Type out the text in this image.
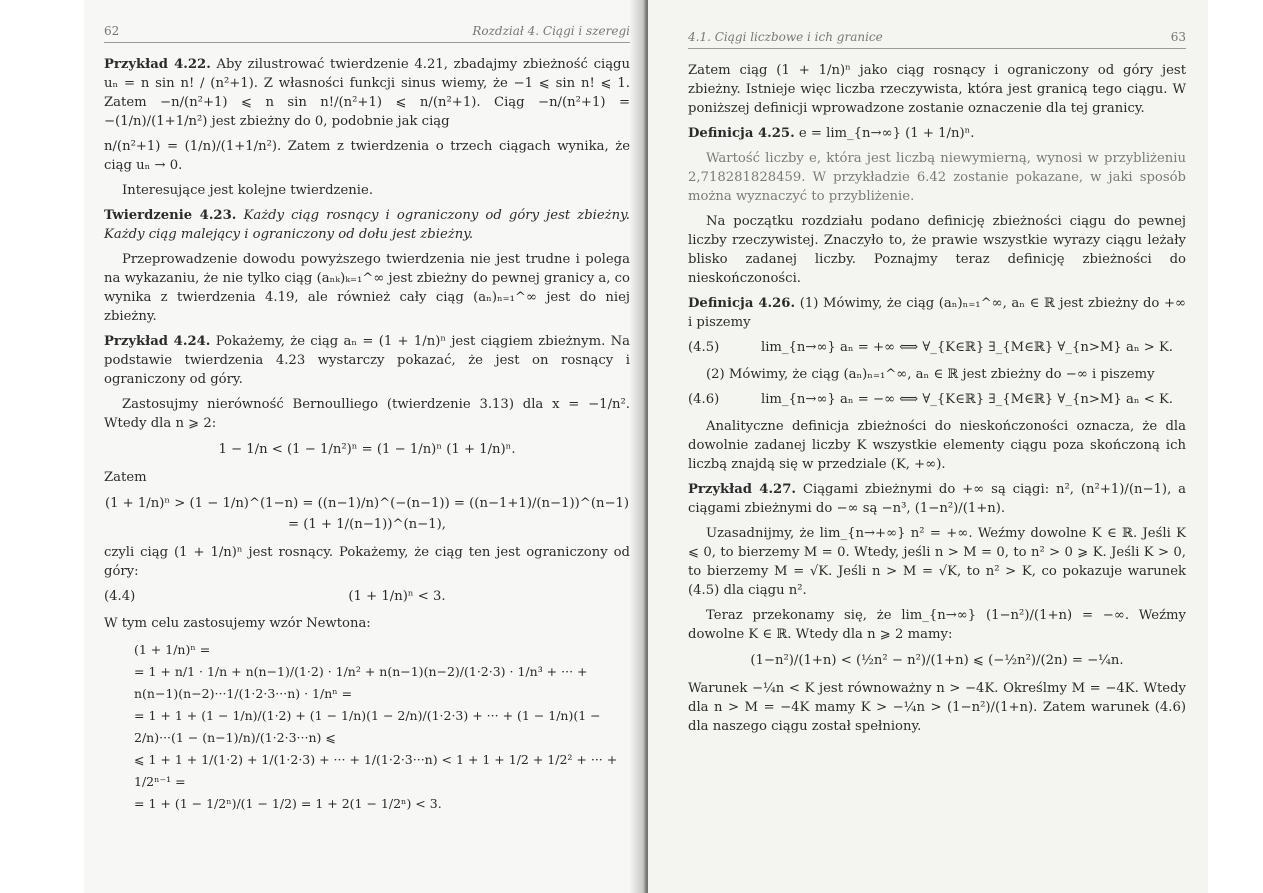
62	Rozdział 4. Ciągi i szeregi

Przykład 4.22. Aby zilustrować twierdzenie 4.21, zbadajmy zbieżność ciągu uₙ = n sin n! / (n²+1). Z własności funkcji sinus wiemy, że −1 ⩽ sin n! ⩽ 1. Zatem −n/(n²+1) ⩽ n sin n!/(n²+1) ⩽ n/(n²+1). Ciąg −n/(n²+1) = −(1/n)/(1+1/n²) jest zbieżny do 0, podobnie jak ciąg

n/(n²+1) = (1/n)/(1+1/n²). Zatem z twierdzenia o trzech ciągach wynika, że ciąg uₙ → 0.

Interesujące jest kolejne twierdzenie.

Twierdzenie 4.23. Każdy ciąg rosnący i ograniczony od góry jest zbieżny. Każdy ciąg malejący i ograniczony od dołu jest zbieżny.

Przeprowadzenie dowodu powyższego twierdzenia nie jest trudne i polega na wykazaniu, że nie tylko ciąg (aₙₖ)ₖ₌₁^∞ jest zbieżny do pewnej granicy a, co wynika z twierdzenia 4.19, ale również cały ciąg (aₙ)ₙ₌₁^∞ jest do niej zbieżny.

Przykład 4.24. Pokażemy, że ciąg aₙ = (1 + 1/n)ⁿ jest ciągiem zbieżnym. Na podstawie twierdzenia 4.23 wystarczy pokazać, że jest on rosnący i ograniczony od góry.

Zastosujmy nierówność Bernoulliego (twierdzenie 3.13) dla x = −1/n². Wtedy dla n ⩾ 2:

1 − 1/n < (1 − 1/n²)ⁿ = (1 − 1/n)ⁿ (1 + 1/n)ⁿ.

Zatem

(1 + 1/n)ⁿ > (1 − 1/n)^(1−n) = ((n−1)/n)^(−(n−1)) = ((n−1+1)/(n−1))^(n−1) = (1 + 1/(n−1))^(n−1),

czyli ciąg (1 + 1/n)ⁿ jest rosnący. Pokażemy, że ciąg ten jest ograniczony od góry:

(4.4)	(1 + 1/n)ⁿ < 3.

W tym celu zastosujemy wzór Newtona:

(1 + 1/n)ⁿ =
= 1 + n/1 · 1/n + n(n−1)/(1·2) · 1/n² + n(n−1)(n−2)/(1·2·3) · 1/n³ + ··· + n(n−1)(n−2)···1/(1·2·3···n) · 1/nⁿ =
= 1 + 1 + (1 − 1/n)/(1·2) + (1 − 1/n)(1 − 2/n)/(1·2·3) + ··· + (1 − 1/n)(1 − 2/n)···(1 − (n−1)/n)/(1·2·3···n) ⩽
⩽ 1 + 1 + 1/(1·2) + 1/(1·2·3) + ··· + 1/(1·2·3···n) < 1 + 1 + 1/2 + 1/2² + ··· + 1/2ⁿ⁻¹ =
= 1 + (1 − 1/2ⁿ)/(1 − 1/2) = 1 + 2(1 − 1/2ⁿ) < 3.
4.1. Ciągi liczbowe i ich granice	63

Zatem ciąg (1 + 1/n)ⁿ jako ciąg rosnący i ograniczony od góry jest zbieżny. Istnieje więc liczba rzeczywista, która jest granicą tego ciągu. W poniższej definicji wprowadzone zostanie oznaczenie dla tej granicy.

Definicja 4.25. e = lim_{n→∞} (1 + 1/n)ⁿ.

Wartość liczby e, która jest liczbą niewymierną, wynosi w przybliżeniu 2,718281828459. W przykładzie 6.42 zostanie pokazane, w jaki sposób można wyznaczyć to przybliżenie.

Na początku rozdziału podano definicję zbieżności ciągu do pewnej liczby rzeczywistej. Znaczyło to, że prawie wszystkie wyrazy ciągu leżały blisko zadanej liczby. Poznajmy teraz definicję zbieżności do nieskończoności.

Definicja 4.26. (1) Mówimy, że ciąg (aₙ)ₙ₌₁^∞, aₙ ∈ ℝ jest zbieżny do +∞ i piszemy

(4.5)	lim_{n→∞} aₙ = +∞ ⟺ ∀_{K∈ℝ} ∃_{M∈ℝ} ∀_{n>M} aₙ > K.

(2) Mówimy, że ciąg (aₙ)ₙ₌₁^∞, aₙ ∈ ℝ jest zbieżny do −∞ i piszemy

(4.6)	lim_{n→∞} aₙ = −∞ ⟺ ∀_{K∈ℝ} ∃_{M∈ℝ} ∀_{n>M} aₙ < K.

Analityczne definicja zbieżności do nieskończoności oznacza, że dla dowolnie zadanej liczby K wszystkie elementy ciągu poza skończoną ich liczbą znajdą się w przedziale (K, +∞).

Przykład 4.27. Ciągami zbieżnymi do +∞ są ciągi: n², (n²+1)/(n−1), a ciągami zbieżnymi do −∞ są −n³, (1−n²)/(1+n).

Uzasadnijmy, że lim_{n→+∞} n² = +∞. Weźmy dowolne K ∈ ℝ. Jeśli K ⩽ 0, to bierzemy M = 0. Wtedy, jeśli n > M = 0, to n² > 0 ⩾ K. Jeśli K > 0, to bierzemy M = √K. Jeśli n > M = √K, to n² > K, co pokazuje warunek (4.5) dla ciągu n².

Teraz przekonamy się, że lim_{n→∞} (1−n²)/(1+n) = −∞. Weźmy dowolne K ∈ ℝ. Wtedy dla n ⩾ 2 mamy:

(1−n²)/(1+n) < (½n² − n²)/(1+n) ⩽ (−½n²)/(2n) = −¼n.

Warunek −¼n < K jest równoważny n > −4K. Określmy M = −4K. Wtedy dla n > M = −4K mamy K > −¼n > (1−n²)/(1+n). Zatem warunek (4.6) dla naszego ciągu został spełniony.
